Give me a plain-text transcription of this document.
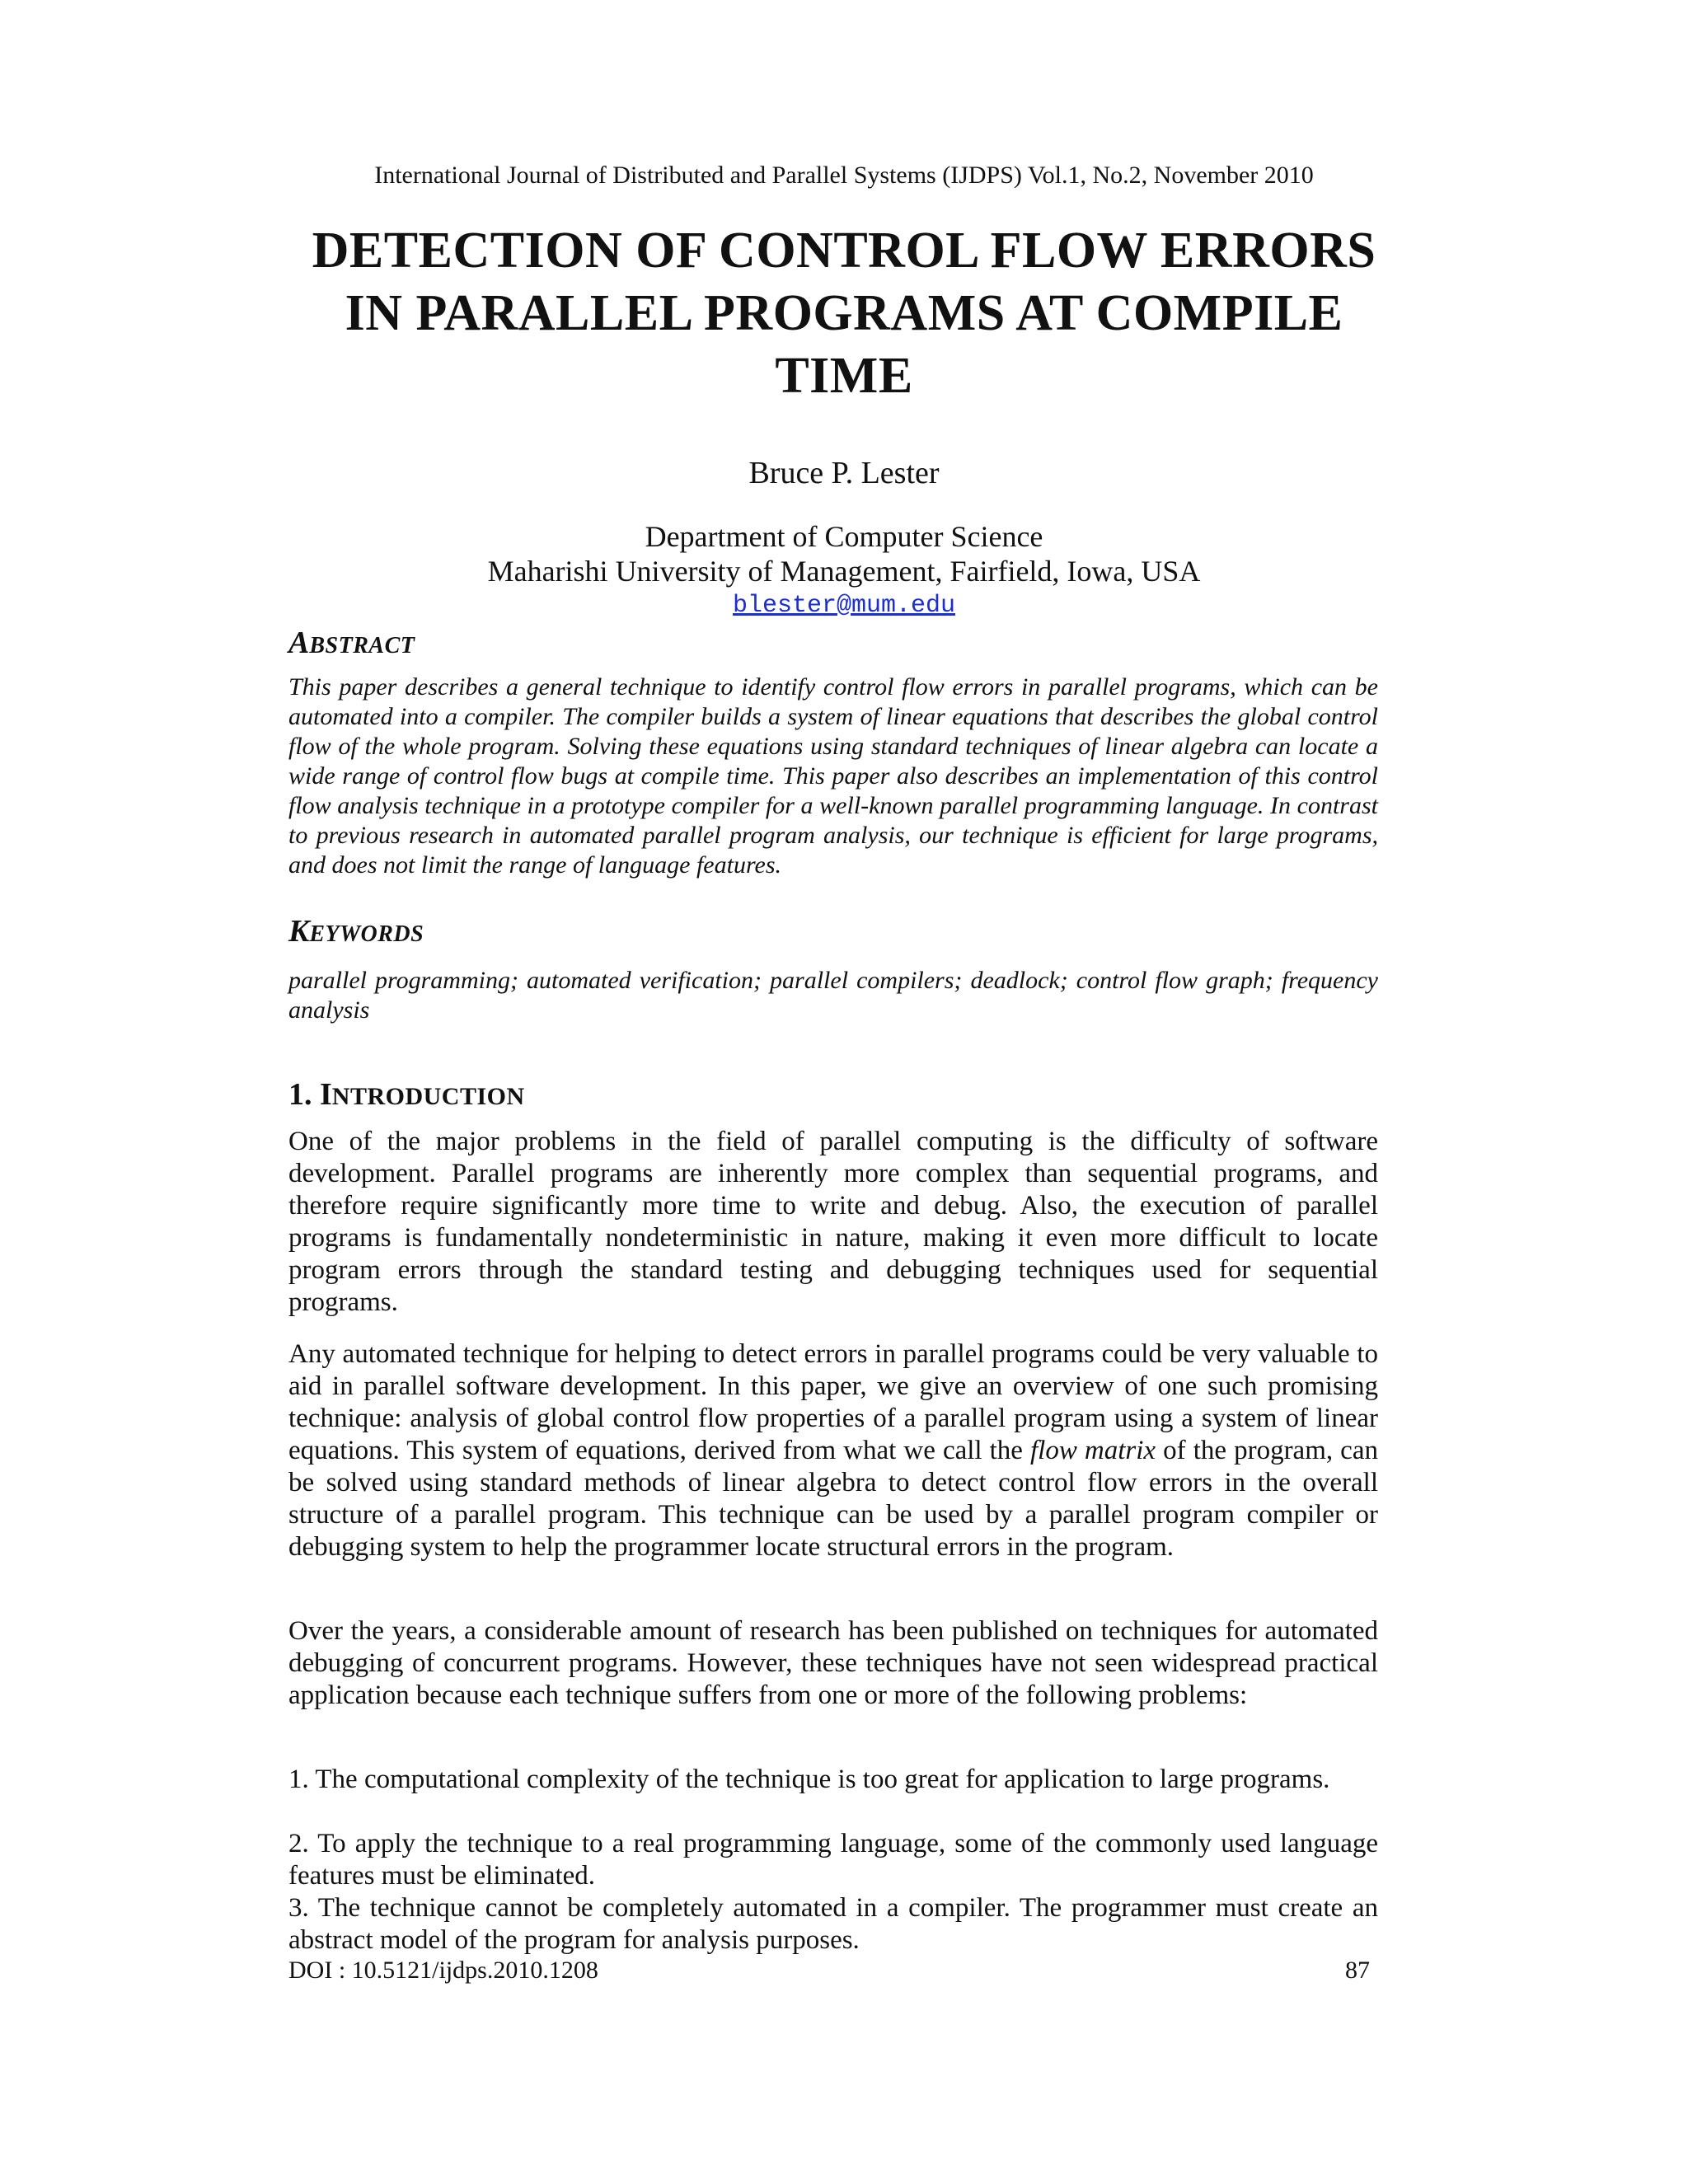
International Journal of Distributed and Parallel Systems (IJDPS) Vol.1, No.2, November 2010
DETECTION OF CONTROL FLOW ERRORS
IN PARALLEL PROGRAMS AT COMPILE
TIME
Bruce P. Lester
Department of Computer Science
Maharishi University of Management, Fairfield, Iowa, USA
blester@mum.edu
ABSTRACT
This paper describes a general technique to identify control flow errors in parallel programs, which can be automated into a compiler. The compiler builds a system of linear equations that describes the global control flow of the whole program. Solving these equations using standard techniques of linear algebra can locate a wide range of control flow bugs at compile time. This paper also describes an implementation of this control flow analysis technique in a prototype compiler for a well-known parallel programming language. In contrast to previous research in automated parallel program analysis, our technique is efficient for large programs, and does not limit the range of language features.
KEYWORDS
parallel programming; automated verification; parallel compilers; deadlock; control flow graph; frequency analysis
1. INTRODUCTION
One of the major problems in the field of parallel computing is the difficulty of software development. Parallel programs are inherently more complex than sequential programs, and therefore require significantly more time to write and debug. Also, the execution of parallel programs is fundamentally nondeterministic in nature, making it even more difficult to locate program errors through the standard testing and debugging techniques used for sequential programs.
Any automated technique for helping to detect errors in parallel programs could be very valuable to aid in parallel software development. In this paper, we give an overview of one such promising technique: analysis of global control flow properties of a parallel program using a system of linear equations. This system of equations, derived from what we call the flow matrix of the program, can be solved using standard methods of linear algebra to detect control flow errors in the overall structure of a parallel program. This technique can be used by a parallel program compiler or debugging system to help the programmer locate structural errors in the program.
Over the years, a considerable amount of research has been published on techniques for automated debugging of concurrent programs. However, these techniques have not seen widespread practical application because each technique suffers from one or more of the following problems:
1. The computational complexity of the technique is too great for application to large programs.
2. To apply the technique to a real programming language, some of the commonly used language features must be eliminated.
3. The technique cannot be completely automated in a compiler. The programmer must create an abstract model of the program for analysis purposes.
DOI : 10.5121/ijdps.2010.1208	87
